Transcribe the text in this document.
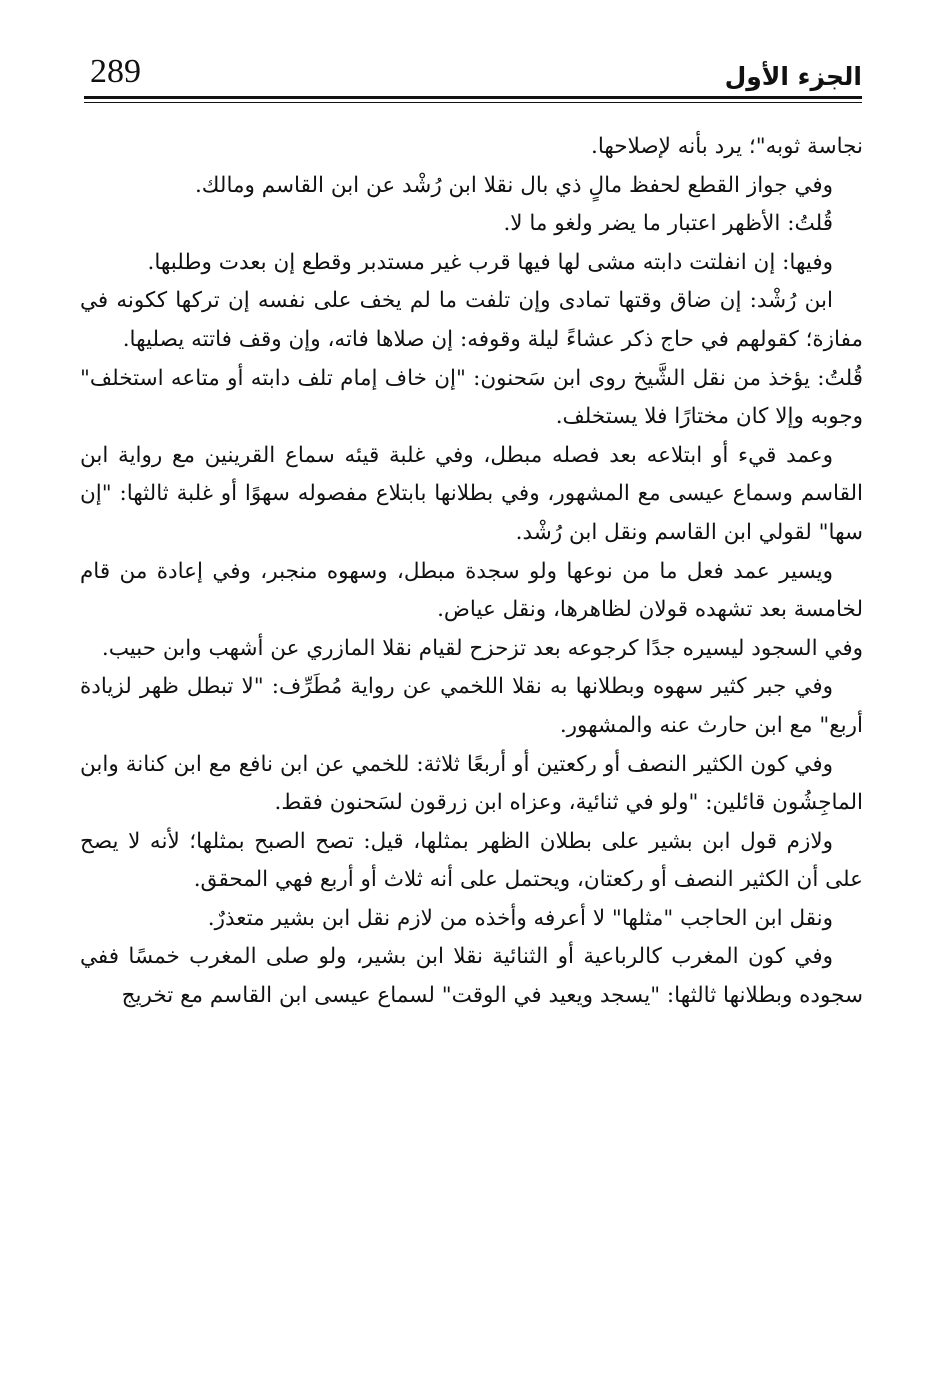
289	الجزء الأول

نجاسة ثوبه"؛ يرد بأنه لإصلاحها.

وفي جواز القطع لحفظ مالٍ ذي بال نقلا ابن رُشْد عن ابن القاسم ومالك.

قُلتُ: الأظهر اعتبار ما يضر ولغو ما لا.

وفيها: إن انفلتت دابته مشى لها فيها قرب غير مستدبر وقطع إن بعدت وطلبها.

ابن رُشْد: إن ضاق وقتها تمادى وإن تلفت ما لم يخف على نفسه إن تركها ككونه في مفازة؛ كقولهم في حاج ذكر عشاءً ليلة وقوفه: إن صلاها فاته، وإن وقف فاتته يصليها.

قُلتُ: يؤخذ من نقل الشَّيخ روى ابن سَحنون: "إن خاف إمام تلف دابته أو متاعه استخلف" وجوبه وإلا كان مختارًا فلا يستخلف.

وعمد قيء أو ابتلاعه بعد فصله مبطل، وفي غلبة قيئه سماع القرينين مع رواية ابن القاسم وسماع عيسى مع المشهور، وفي بطلانها بابتلاع مفصوله سهوًا أو غلبة ثالثها: "إن سها" لقولي ابن القاسم ونقل ابن رُشْد.

ويسير عمد فعل ما من نوعها ولو سجدة مبطل، وسهوه منجبر، وفي إعادة من قام لخامسة بعد تشهده قولان لظاهرها، ونقل عياض.

وفي السجود ليسيره جدًا كرجوعه بعد تزحزح لقيام نقلا المازري عن أشهب وابن حبيب.

وفي جبر كثير سهوه وبطلانها به نقلا اللخمي عن رواية مُطَرِّف: "لا تبطل ظهر لزيادة أربع" مع ابن حارث عنه والمشهور.

وفي كون الكثير النصف أو ركعتين أو أربعًا ثلاثة: للخمي عن ابن نافع مع ابن كنانة وابن الماجِشُون قائلين: "ولو في ثنائية، وعزاه ابن زرقون لسَحنون فقط.

ولازم قول ابن بشير على بطلان الظهر بمثلها، قيل: تصح الصبح بمثلها؛ لأنه لا يصح على أن الكثير النصف أو ركعتان، ويحتمل على أنه ثلاث أو أربع فهي المحقق.

ونقل ابن الحاجب "مثلها" لا أعرفه وأخذه من لازم نقل ابن بشير متعذرٌ.

وفي كون المغرب كالرباعية أو الثنائية نقلا ابن بشير، ولو صلى المغرب خمسًا ففي سجوده وبطلانها ثالثها: "يسجد ويعيد في الوقت" لسماع عيسى ابن القاسم مع تخريج
